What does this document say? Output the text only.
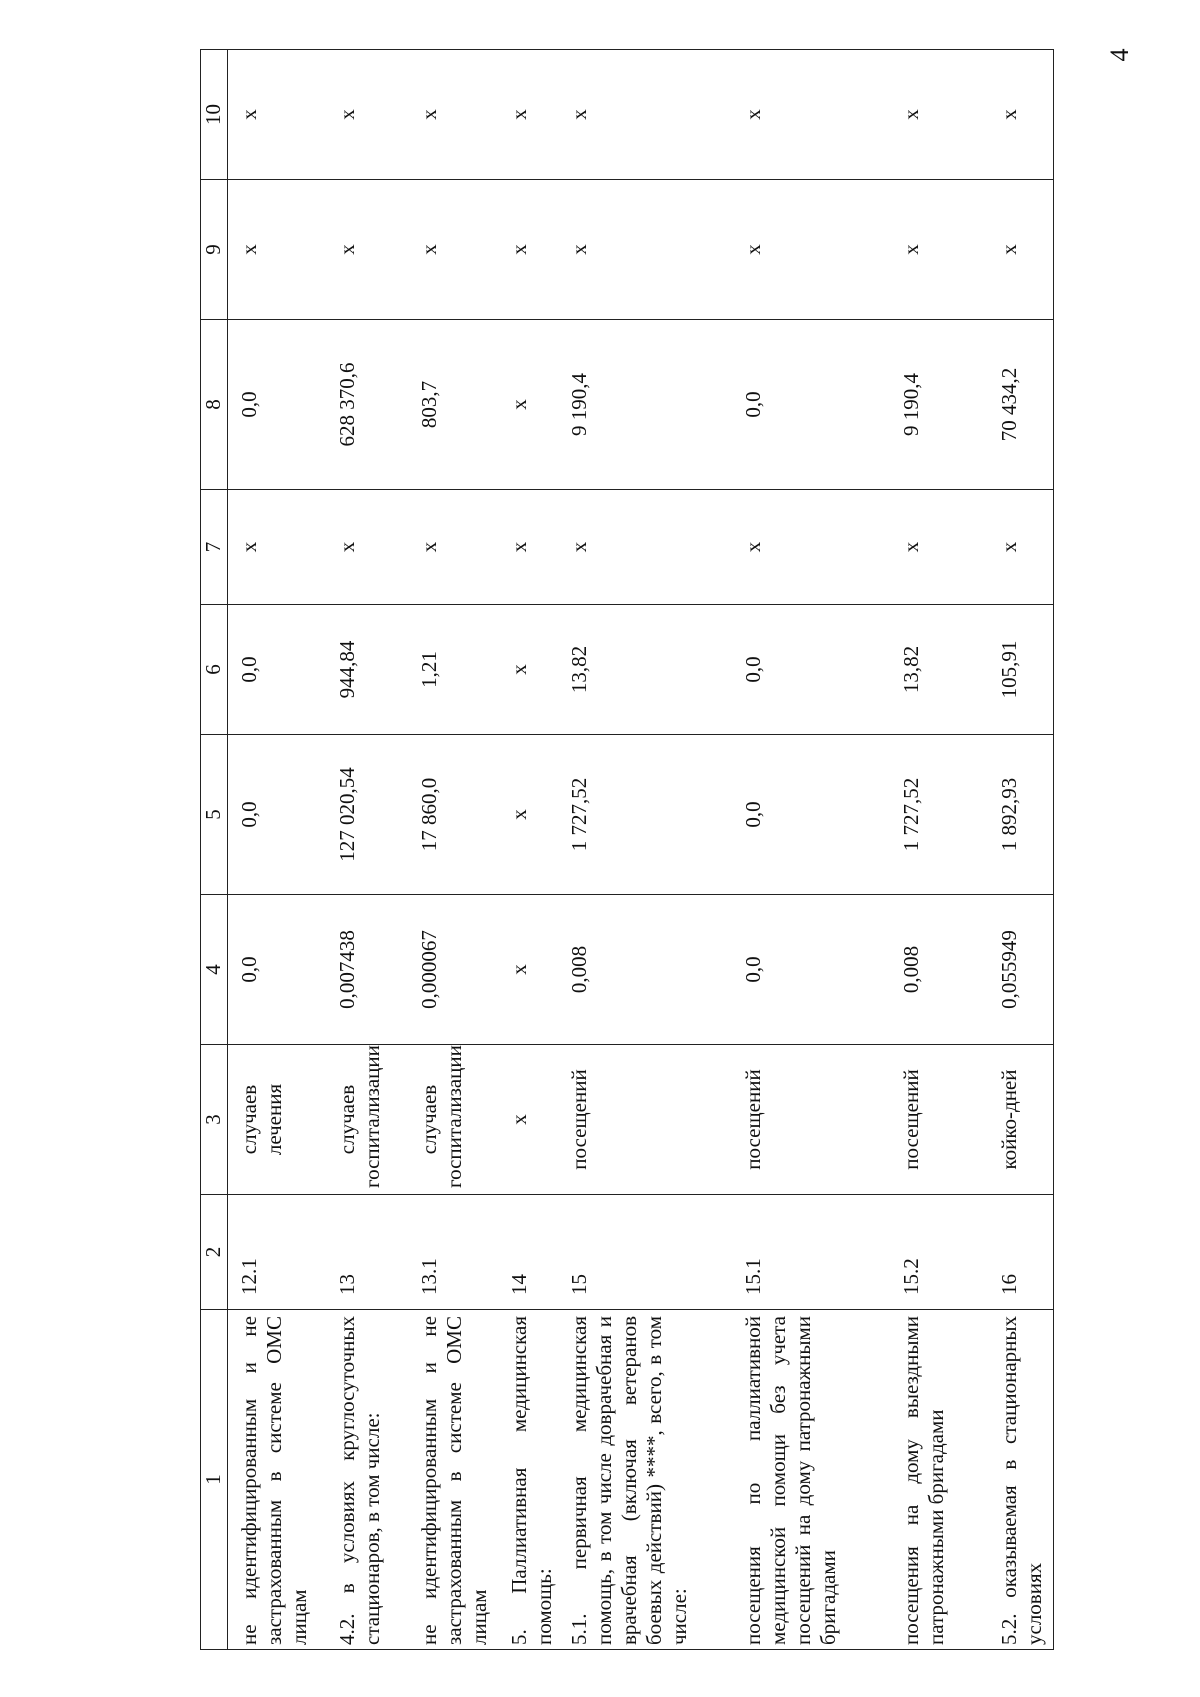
4
1	2	3	4	5	6	7	8	9	10
не идентифицированным и не застрахованным в системе ОМС лицам	12.1	случаев лечения	0,0	0,0	0,0	x	0,0	x	x
4.2. в условиях круглосуточных стационаров, в том числе:	13	случаев госпитализации	0,007438	127 020,54	944,84	x	628 370,6	x	x
не идентифицированным и не застрахованным в системе ОМС лицам	13.1	случаев госпитализации	0,000067	17 860,0	1,21	x	803,7	x	x
5. Паллиативная медицинская помощь:	14	x	x	x	x	x	x	x	x
5.1. первичная медицинская помощь, в том числе доврачебная и врачебная (включая ветеранов боевых действий) ****, всего, в том числе:	15	посещений	0,008	1 727,52	13,82	x	9 190,4	x	x
посещения по паллиативной медицинской помощи без учета посещений на дому патронажными бригадами	15.1	посещений	0,0	0,0	0,0	x	0,0	x	x
посещения на дому выездными патронажными бригадами	15.2	посещений	0,008	1 727,52	13,82	x	9 190,4	x	x
5.2. оказываемая в стационарных условиях	16	койко-дней	0,055949	1 892,93	105,91	x	70 434,2	x	x
